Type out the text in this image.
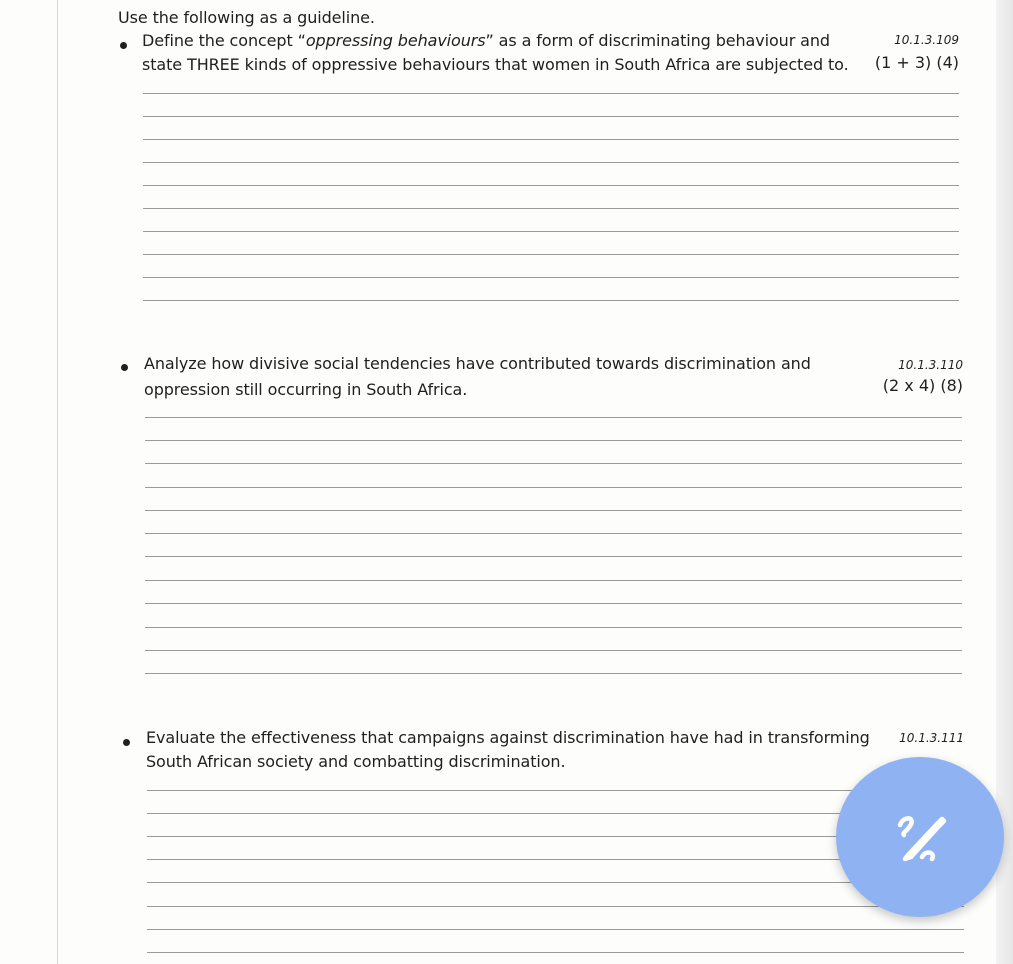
Use the following as a guideline.
Define the concept “oppressing behaviours” as a form of discriminating behaviour and
state THREE kinds of oppressive behaviours that women in South Africa are subjected to.
10.1.3.109
(1 + 3) (4)
Analyze how divisive social tendencies have contributed towards discrimination and
oppression still occurring in South Africa.
10.1.3.110
(2 x 4) (8)
Evaluate the effectiveness that campaigns against discrimination have had in transforming
South African society and combatting discrimination.
10.1.3.111
